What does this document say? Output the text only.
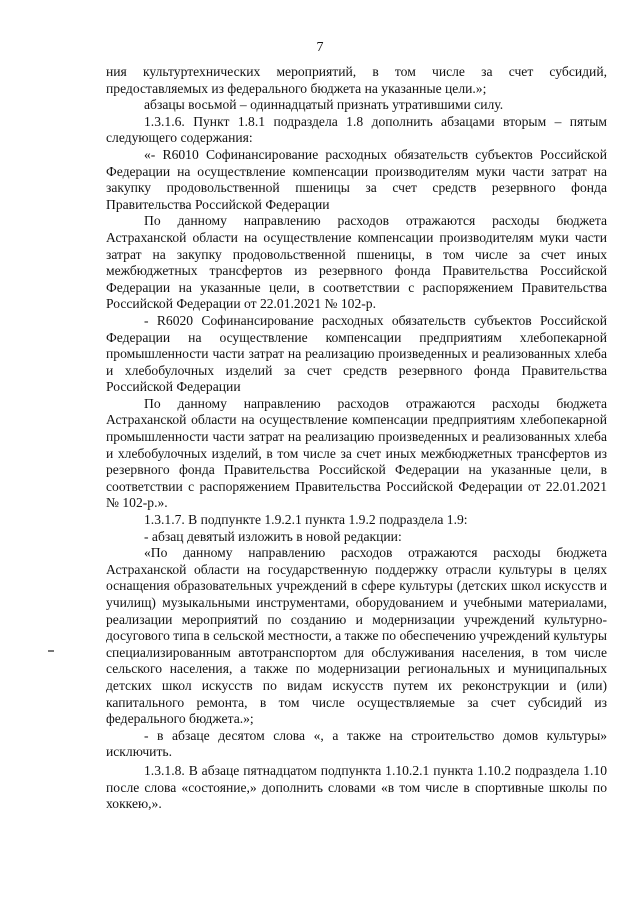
7

ния культуртехнических мероприятий, в том числе за счет субсидий, предоставляемых из федерального бюджета на указанные цели.»;

абзацы восьмой – одиннадцатый признать утратившими силу.

1.3.1.6. Пункт 1.8.1 подраздела 1.8 дополнить абзацами вторым – пятым следующего содержания:

«- R6010 Софинансирование расходных обязательств субъектов Российской Федерации на осуществление компенсации производителям муки части затрат на закупку продовольственной пшеницы за счет средств резервного фонда Правительства Российской Федерации

По данному направлению расходов отражаются расходы бюджета Астраханской области на осуществление компенсации производителям муки части затрат на закупку продовольственной пшеницы, в том числе за счет иных межбюджетных трансфертов из резервного фонда Правительства Российской Федерации на указанные цели, в соответствии с распоряжением Правительства Российской Федерации от 22.01.2021 № 102-р.

- R6020 Софинансирование расходных обязательств субъектов Российской Федерации на осуществление компенсации предприятиям хлебопекарной промышленности части затрат на реализацию произведенных и реализованных хлеба и хлебобулочных изделий за счет средств резервного фонда Правительства Российской Федерации

По данному направлению расходов отражаются расходы бюджета Астраханской области на осуществление компенсации предприятиям хлебопекарной промышленности части затрат на реализацию произведенных и реализованных хлеба и хлебобулочных изделий, в том числе за счет иных межбюджетных трансфертов из резервного фонда Правительства Российской Федерации на указанные цели, в соответствии с распоряжением Правительства Российской Федерации от 22.01.2021 № 102-р.».

1.3.1.7. В подпункте 1.9.2.1 пункта 1.9.2 подраздела 1.9:

- абзац девятый изложить в новой редакции:

«По данному направлению расходов отражаются расходы бюджета Астраханской области на государственную поддержку отрасли культуры в целях оснащения образовательных учреждений в сфере культуры (детских школ искусств и училищ) музыкальными инструментами, оборудованием и учебными материалами, реализации мероприятий по созданию и модернизации учреждений культурно-досугового типа в сельской местности, а также по обеспечению учреждений культуры специализированным автотранспортом для обслуживания населения, в том числе сельского населения, а также по модернизации региональных и муниципальных детских школ искусств по видам искусств путем их реконструкции и (или) капитального ремонта, в том числе осуществляемые за счет субсидий из федерального бюджета.»;

- в абзаце десятом слова «, а также на строительство домов культуры» исключить.

1.3.1.8. В абзаце пятнадцатом подпункта 1.10.2.1 пункта 1.10.2 подраздела 1.10 после слова «состояние,» дополнить словами «в том числе в спортивные школы по хоккею,».
